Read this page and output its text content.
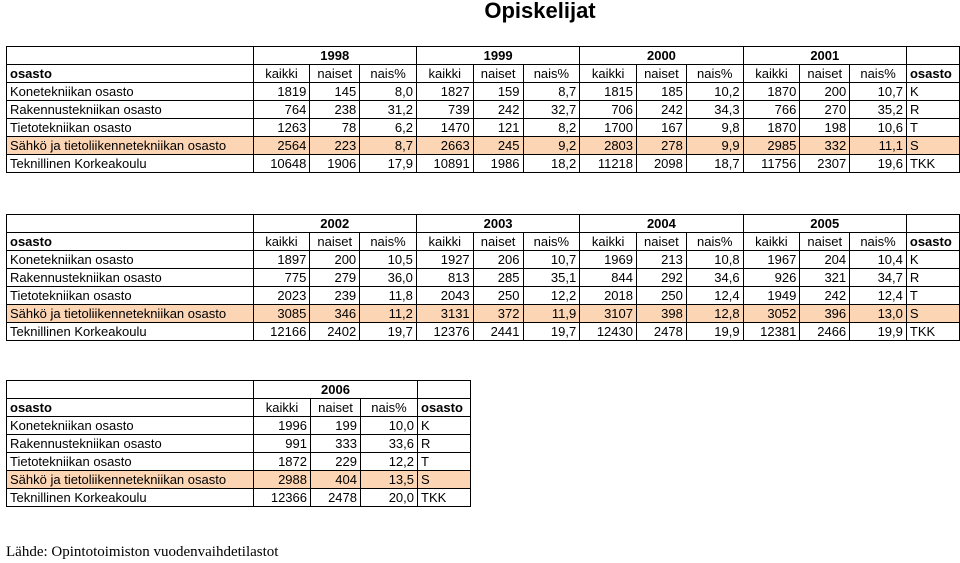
Opiskelijat
	1998			1999			2000			2001			
osasto	kaikki	naiset	nais%	kaikki	naiset	nais%	kaikki	naiset	nais%	kaikki	naiset	nais%	osasto
Konetekniikan osasto	1819	145	8,0	1827	159	8,7	1815	185	10,2	1870	200	10,7	K
Rakennustekniikan osasto	764	238	31,2	739	242	32,7	706	242	34,3	766	270	35,2	R
Tietotekniikan osasto	1263	78	6,2	1470	121	8,2	1700	167	9,8	1870	198	10,6	T
Sähkö ja tietoliikennetekniikan osasto	2564	223	8,7	2663	245	9,2	2803	278	9,9	2985	332	11,1	S
Teknillinen Korkeakoulu	10648	1906	17,9	10891	1986	18,2	11218	2098	18,7	11756	2307	19,6	TKK
	2002			2003			2004			2005			
osasto	kaikki	naiset	nais%	kaikki	naiset	nais%	kaikki	naiset	nais%	kaikki	naiset	nais%	osasto
Konetekniikan osasto	1897	200	10,5	1927	206	10,7	1969	213	10,8	1967	204	10,4	K
Rakennustekniikan osasto	775	279	36,0	813	285	35,1	844	292	34,6	926	321	34,7	R
Tietotekniikan osasto	2023	239	11,8	2043	250	12,2	2018	250	12,4	1949	242	12,4	T
Sähkö ja tietoliikennetekniikan osasto	3085	346	11,2	3131	372	11,9	3107	398	12,8	3052	396	13,0	S
Teknillinen Korkeakoulu	12166	2402	19,7	12376	2441	19,7	12430	2478	19,9	12381	2466	19,9	TKK
	2006			
osasto	kaikki	naiset	nais%	osasto
Konetekniikan osasto	1996	199	10,0	K
Rakennustekniikan osasto	991	333	33,6	R
Tietotekniikan osasto	1872	229	12,2	T
Sähkö ja tietoliikennetekniikan osasto	2988	404	13,5	S
Teknillinen Korkeakoulu	12366	2478	20,0	TKK
Lähde: Opintotoimiston vuodenvaihdetilastot
